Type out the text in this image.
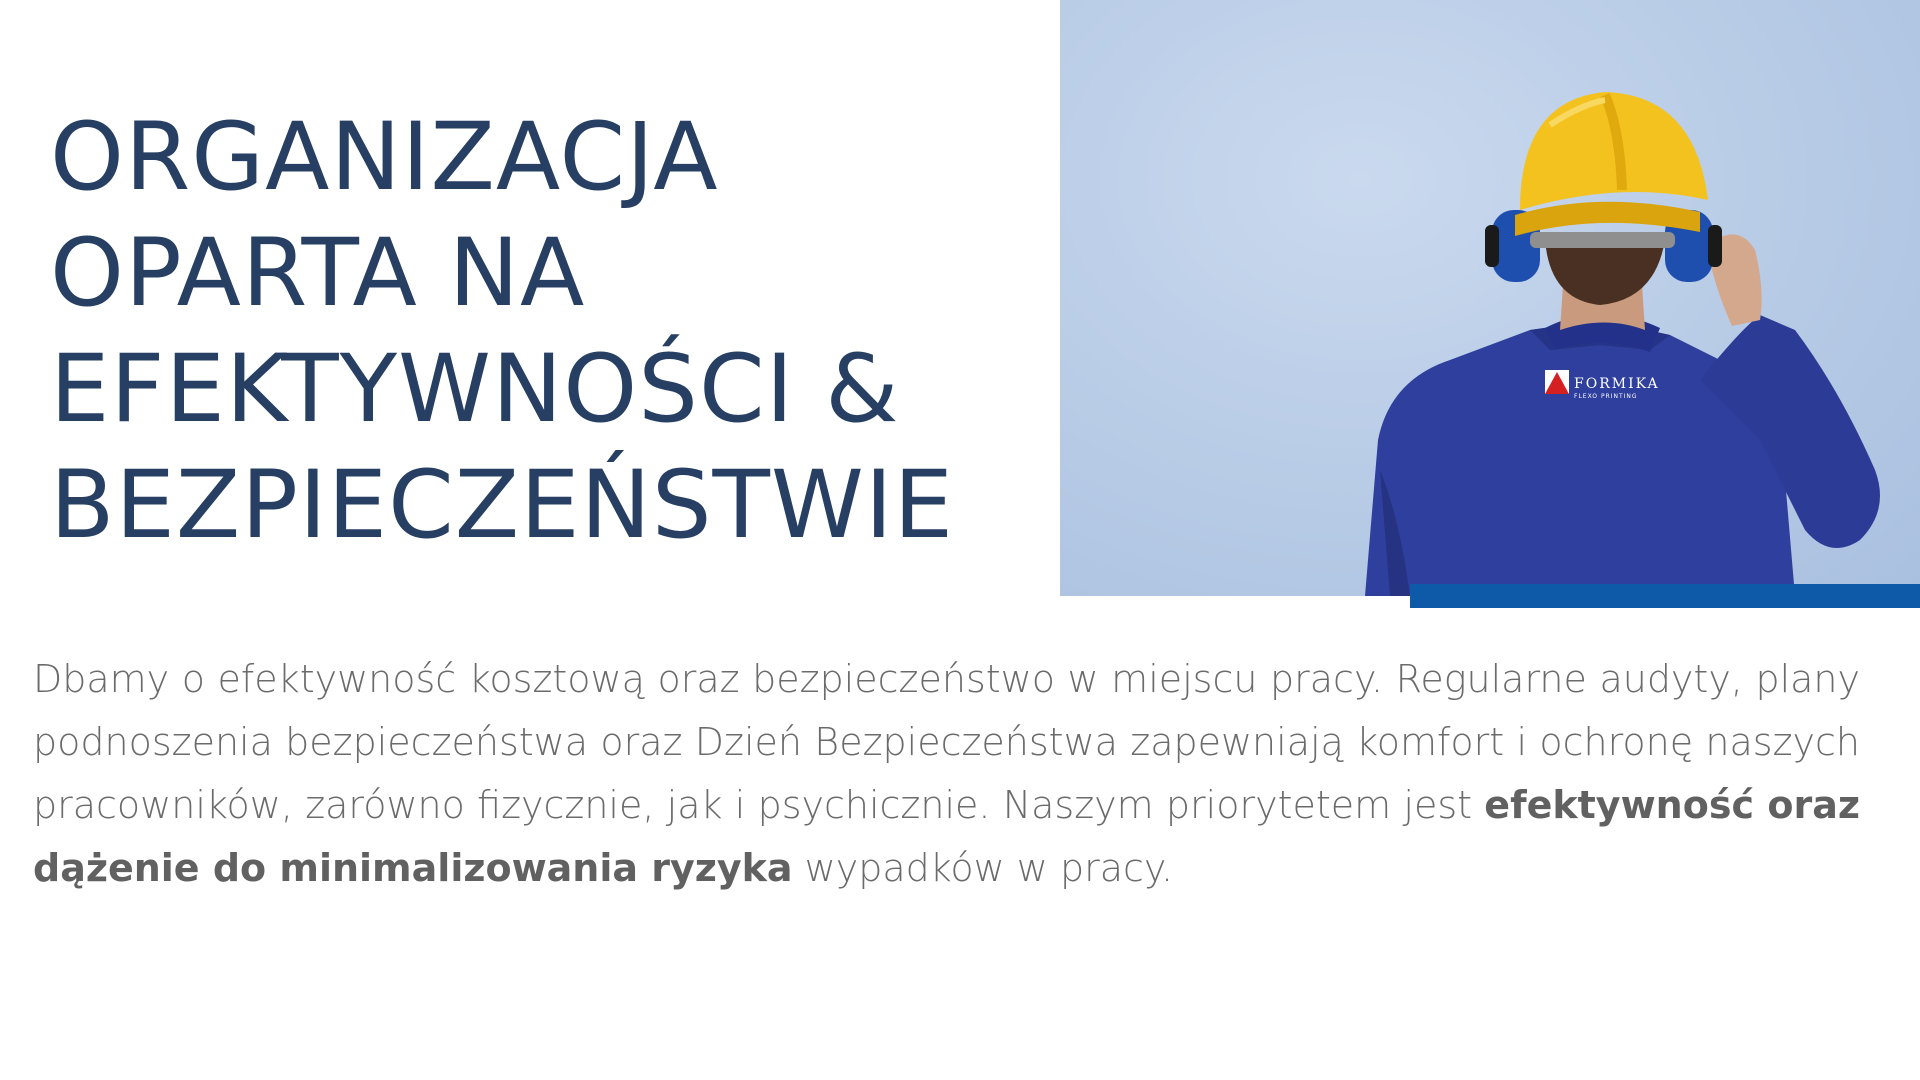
ORGANIZACJA
OPARTA NA
EFEKTYWNOŚCI &
BEZPIECZEŃSTWIE
FORMIKA
FLEXO PRINTING

Dbamy o efektywność kosztową oraz bezpieczeństwo w miejscu pracy. Regularne audyty, plany podnoszenia bezpieczeństwa oraz Dzień Bezpieczeństwa zapewniają komfort i ochronę naszych pracowników, zarówno fizycznie, jak i psychicznie. Naszym priorytetem jest efektywność oraz dążenie do minimalizowania ryzyka wypadków w pracy.
